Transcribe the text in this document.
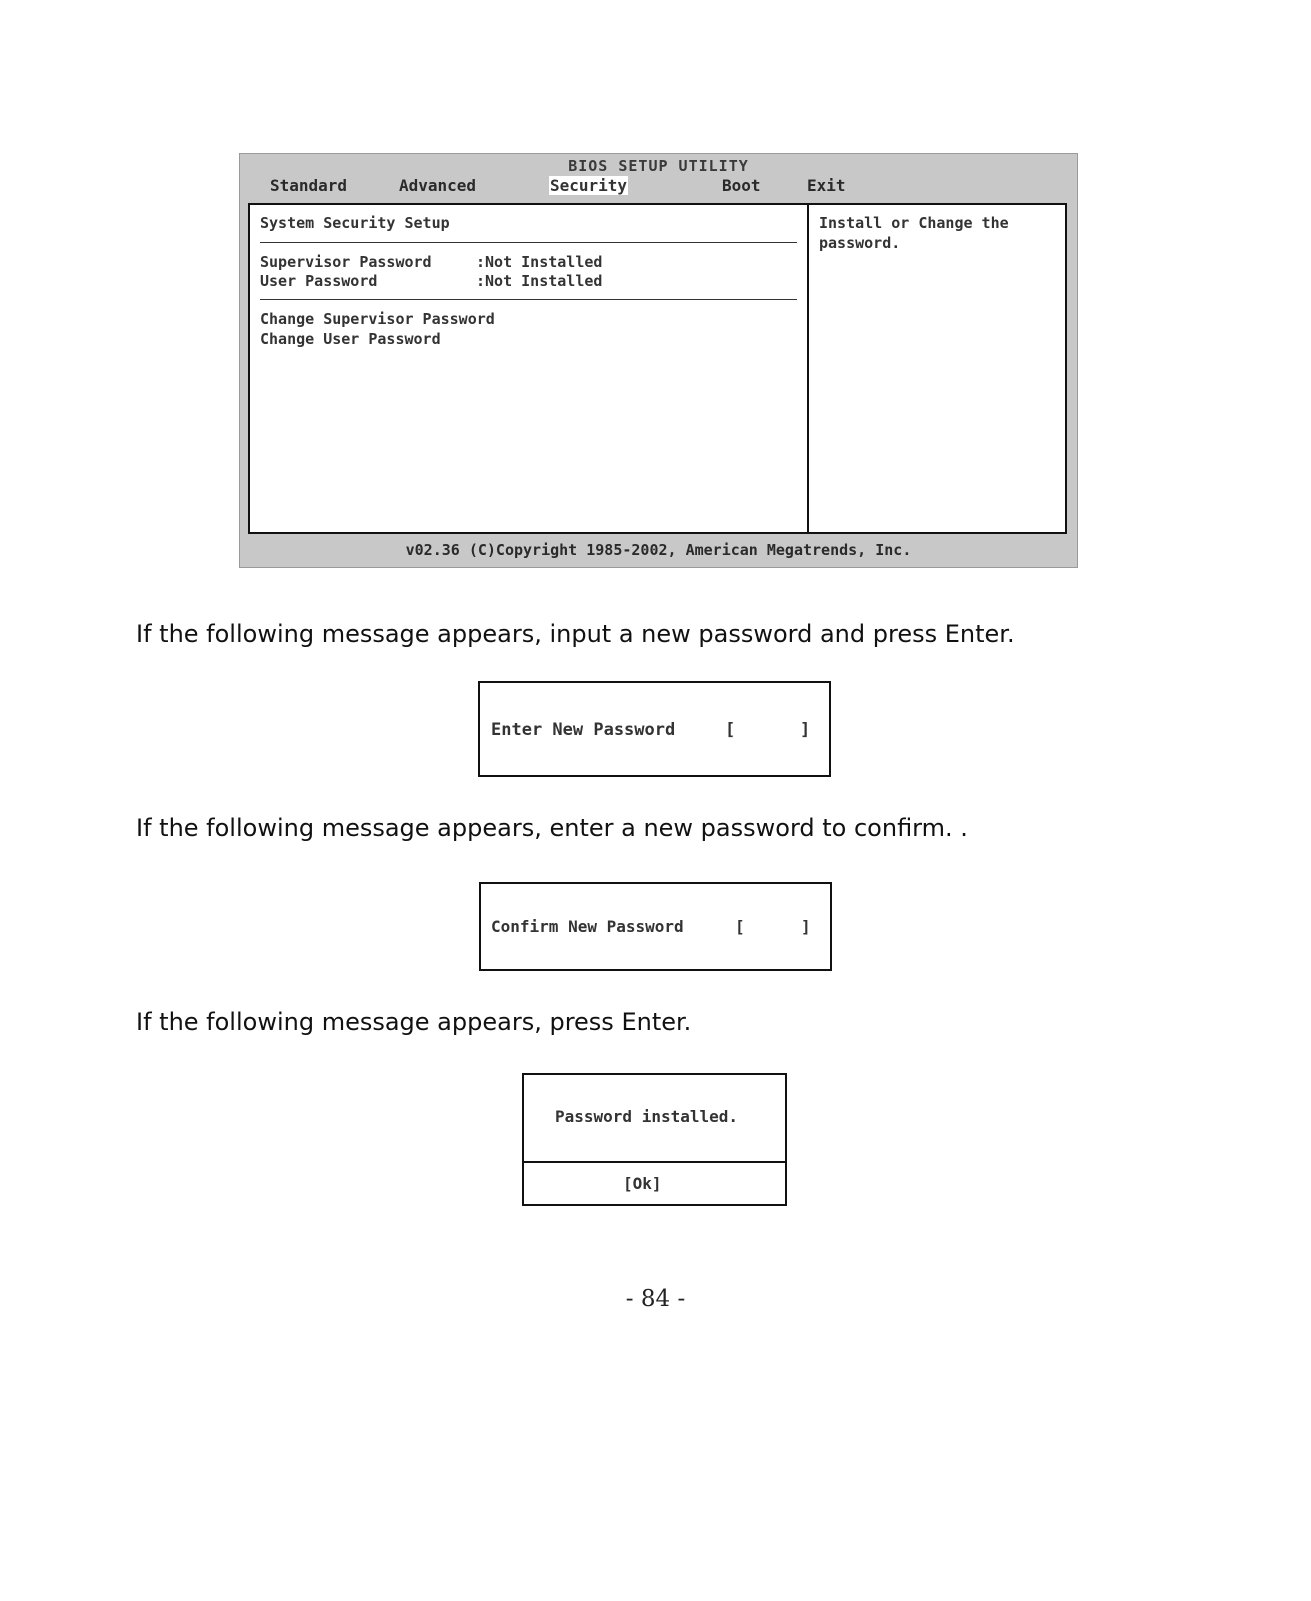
BIOS SETUP UTILITY
Standard	Advanced	Security	Boot	Exit
System Security Setup
Supervisor Password	:Not Installed
User Password	:Not Installed
Change Supervisor Password
Change User Password
Install or Change the
password.
v02.36 (C)Copyright 1985-2002, American Megatrends, Inc.
If the following message appears, input a new password and press Enter.
Enter New Password	[	]
If the following message appears, enter a new password to confirm. .
Confirm New Password	[	]
If the following message appears, press Enter.
Password installed.
[Ok]
- 84 -
